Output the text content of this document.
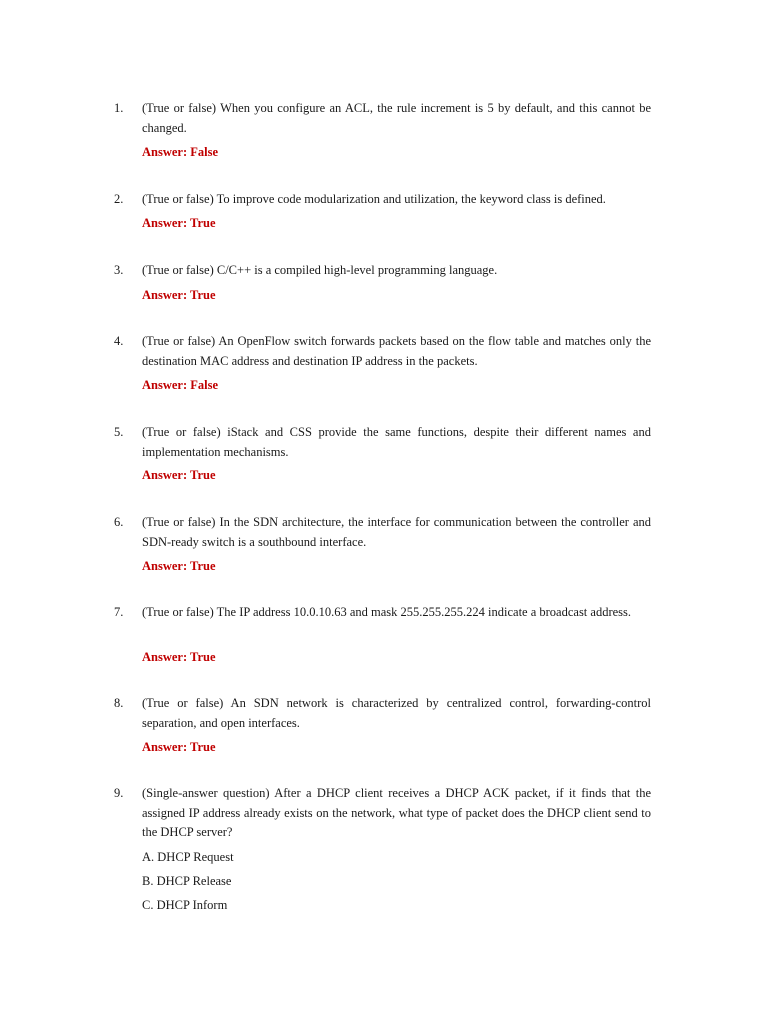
1. (True or false) When you configure an ACL, the rule increment is 5 by default, and this cannot be changed.
Answer: False
2. (True or false) To improve code modularization and utilization, the keyword class is defined.
Answer: True
3. (True or false) C/C++ is a compiled high-level programming language.
Answer: True
4. (True or false) An OpenFlow switch forwards packets based on the flow table and matches only the destination MAC address and destination IP address in the packets.
Answer: False
5. (True or false) iStack and CSS provide the same functions, despite their different names and implementation mechanisms.
Answer: True
6. (True or false) In the SDN architecture, the interface for communication between the controller and SDN-ready switch is a southbound interface.
Answer: True
7. (True or false) The IP address 10.0.10.63 and mask 255.255.255.224 indicate a broadcast address.
Answer: True
8. (True or false) An SDN network is characterized by centralized control, forwarding-control separation, and open interfaces.
Answer: True
9. (Single-answer question) After a DHCP client receives a DHCP ACK packet, if it finds that the assigned IP address already exists on the network, what type of packet does the DHCP client send to the DHCP server?
A. DHCP Request
B. DHCP Release
C. DHCP Inform
